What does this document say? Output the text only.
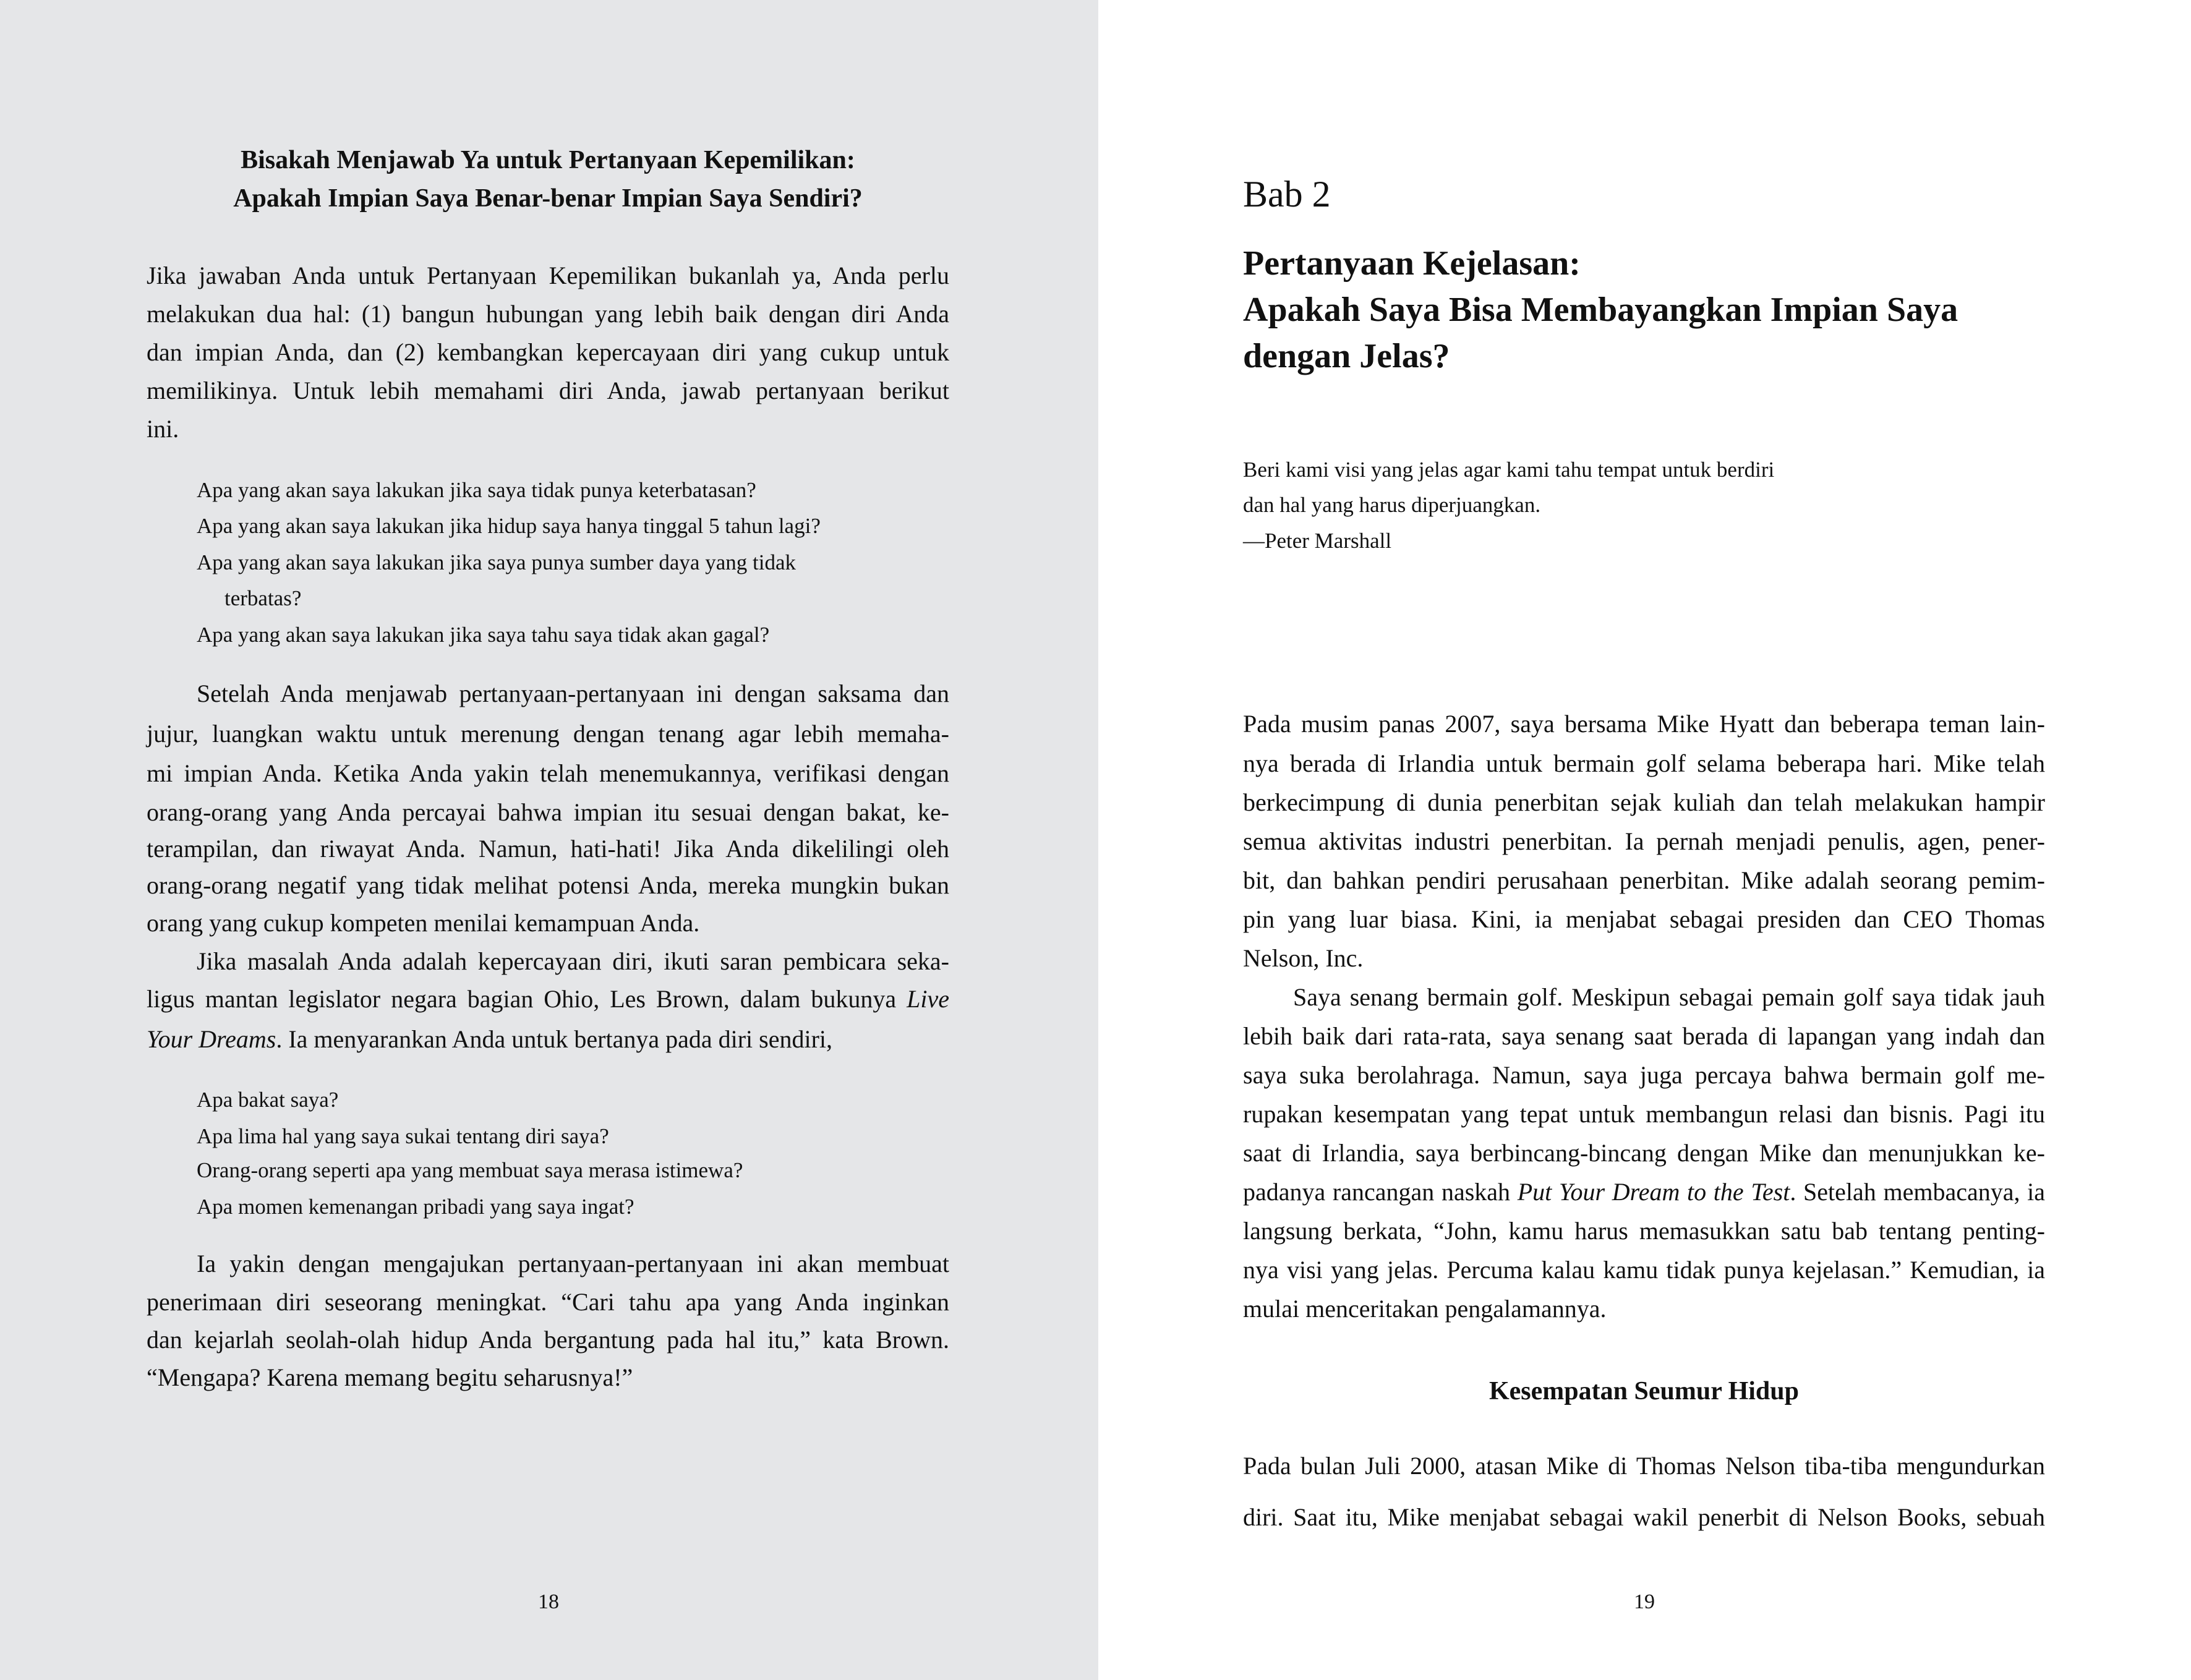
Bisakah Menjawab Ya untuk Pertanyaan Kepemilikan:
Apakah Impian Saya Benar-benar Impian Saya Sendiri?
Jika jawaban Anda untuk Pertanyaan Kepemilikan bukanlah ya, Anda perlu
melakukan dua hal: (1) bangun hubungan yang lebih baik dengan diri Anda
dan impian Anda, dan (2) kembangkan kepercayaan diri yang cukup untuk
memilikinya. Untuk lebih memahami diri Anda, jawab pertanyaan berikut
ini.
Apa yang akan saya lakukan jika saya tidak punya keterbatasan?
Apa yang akan saya lakukan jika hidup saya hanya tinggal 5 tahun lagi?
Apa yang akan saya lakukan jika saya punya sumber daya yang tidak
terbatas?
Apa yang akan saya lakukan jika saya tahu saya tidak akan gagal?
Setelah Anda menjawab pertanyaan-pertanyaan ini dengan saksama dan
jujur, luangkan waktu untuk merenung dengan tenang agar lebih memaha-
mi impian Anda. Ketika Anda yakin telah menemukannya, verifikasi dengan
orang-orang yang Anda percayai bahwa impian itu sesuai dengan bakat, ke-
terampilan, dan riwayat Anda. Namun, hati-hati! Jika Anda dikelilingi oleh
orang-orang negatif yang tidak melihat potensi Anda, mereka mungkin bukan
orang yang cukup kompeten menilai kemampuan Anda.
Jika masalah Anda adalah kepercayaan diri, ikuti saran pembicara seka-
ligus mantan legislator negara bagian Ohio, Les Brown, dalam bukunya Live
Your Dreams. Ia menyarankan Anda untuk bertanya pada diri sendiri,
Apa bakat saya?
Apa lima hal yang saya sukai tentang diri saya?
Orang-orang seperti apa yang membuat saya merasa istimewa?
Apa momen kemenangan pribadi yang saya ingat?
Ia yakin dengan mengajukan pertanyaan-pertanyaan ini akan membuat
penerimaan diri seseorang meningkat. “Cari tahu apa yang Anda inginkan
dan kejarlah seolah-olah hidup Anda bergantung pada hal itu,” kata Brown.
“Mengapa? Karena memang begitu seharusnya!”
18
Bab 2
Pertanyaan Kejelasan:
Apakah Saya Bisa Membayangkan Impian Saya
dengan Jelas?
Beri kami visi yang jelas agar kami tahu tempat untuk berdiri
dan hal yang harus diperjuangkan.
—Peter Marshall
Pada musim panas 2007, saya bersama Mike Hyatt dan beberapa teman lain-
nya berada di Irlandia untuk bermain golf selama beberapa hari. Mike telah
berkecimpung di dunia penerbitan sejak kuliah dan telah melakukan hampir
semua aktivitas industri penerbitan. Ia pernah menjadi penulis, agen, pener-
bit, dan bahkan pendiri perusahaan penerbitan. Mike adalah seorang pemim-
pin yang luar biasa. Kini, ia menjabat sebagai presiden dan CEO Thomas
Nelson, Inc.
Saya senang bermain golf. Meskipun sebagai pemain golf saya tidak jauh
lebih baik dari rata-rata, saya senang saat berada di lapangan yang indah dan
saya suka berolahraga. Namun, saya juga percaya bahwa bermain golf me-
rupakan kesempatan yang tepat untuk membangun relasi dan bisnis. Pagi itu
saat di Irlandia, saya berbincang-bincang dengan Mike dan menunjukkan ke-
padanya rancangan naskah Put Your Dream to the Test. Setelah membacanya, ia
langsung berkata, “John, kamu harus memasukkan satu bab tentang penting-
nya visi yang jelas. Percuma kalau kamu tidak punya kejelasan.” Kemudian, ia
mulai menceritakan pengalamannya.
Kesempatan Seumur Hidup
Pada bulan Juli 2000, atasan Mike di Thomas Nelson tiba-tiba mengundurkan
diri. Saat itu, Mike menjabat sebagai wakil penerbit di Nelson Books, sebuah
19
